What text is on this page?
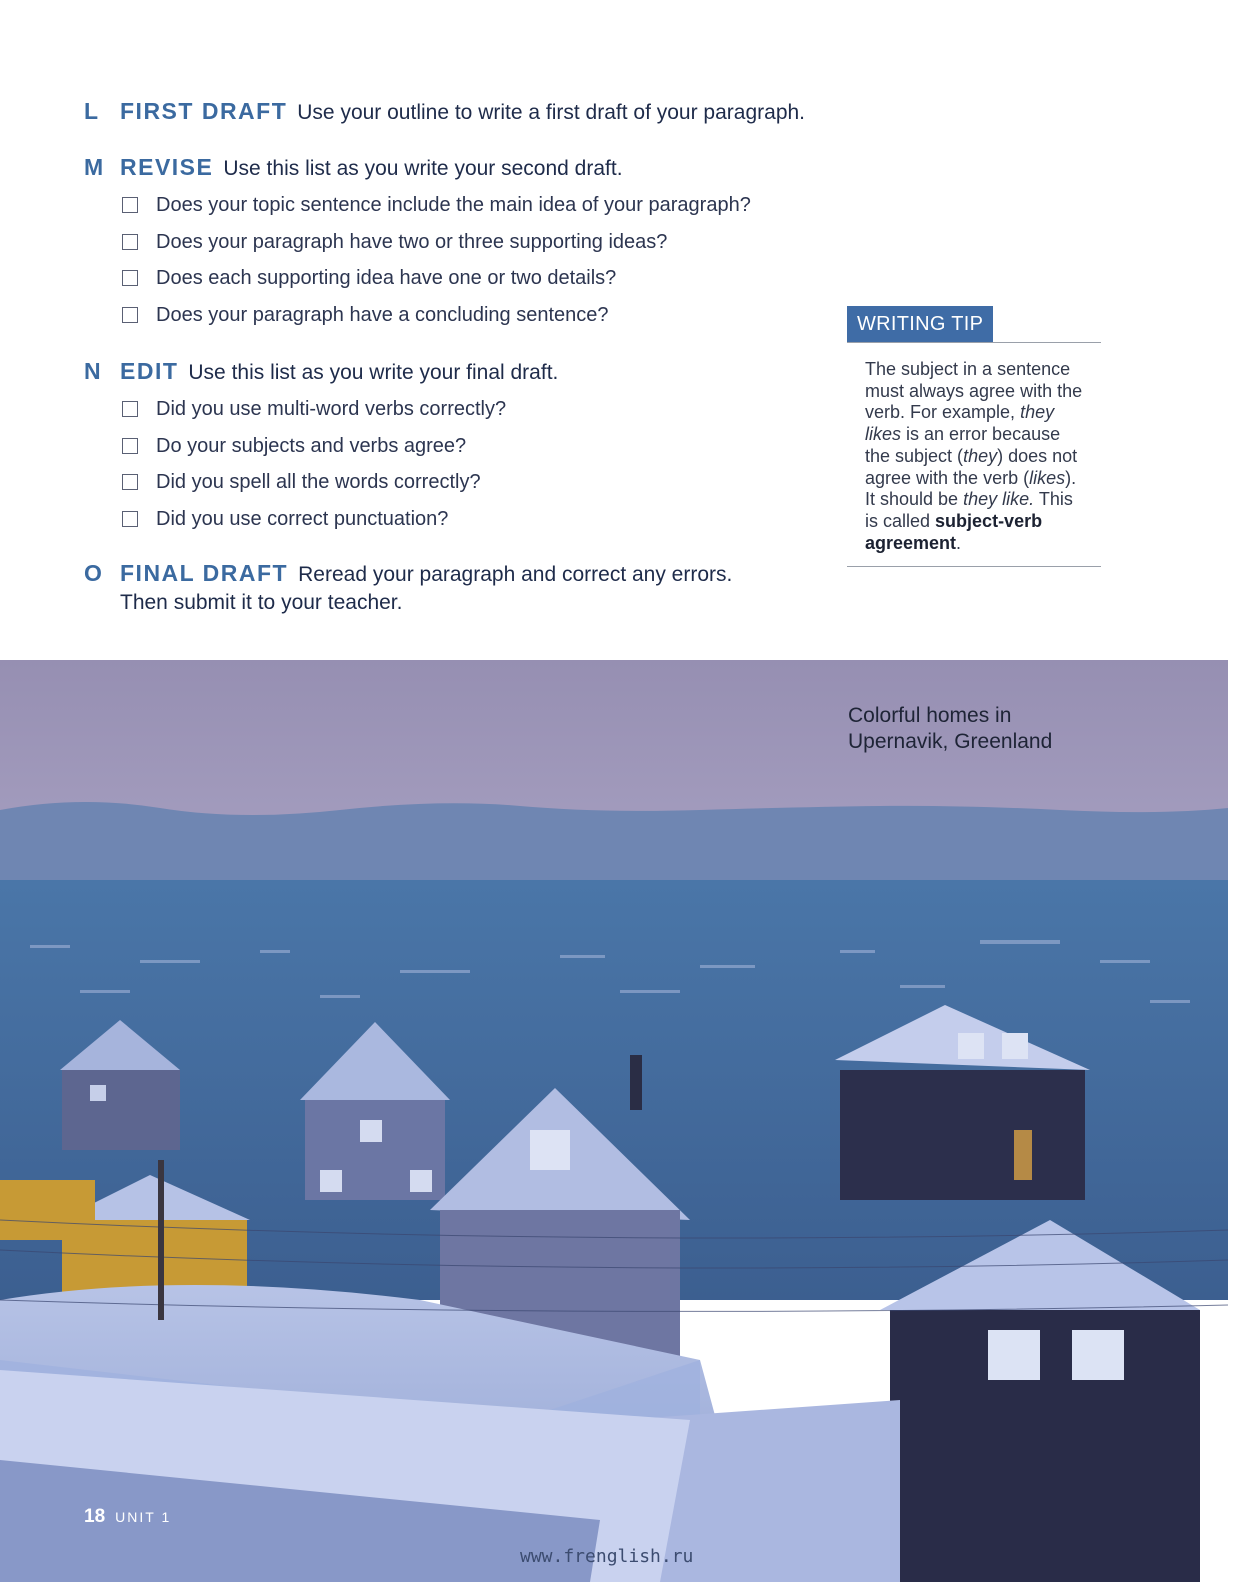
L FIRST DRAFT Use your outline to write a first draft of your paragraph.
M REVISE Use this list as you write your second draft.
Does your topic sentence include the main idea of your paragraph?
Does your paragraph have two or three supporting ideas?
Does each supporting idea have one or two details?
Does your paragraph have a concluding sentence?
N EDIT Use this list as you write your final draft.
Did you use multi-word verbs correctly?
Do your subjects and verbs agree?
Did you spell all the words correctly?
Did you use correct punctuation?
O FINAL DRAFT Reread your paragraph and correct any errors.
Then submit it to your teacher.
WRITING TIP
The subject in a sentence must always agree with the verb. For example, they likes is an error because the subject (they) does not agree with the verb (likes). It should be they like. This is called subject-verb agreement.
Colorful homes in
Upernavik, Greenland
18 UNIT 1
www.frenglish.ru
